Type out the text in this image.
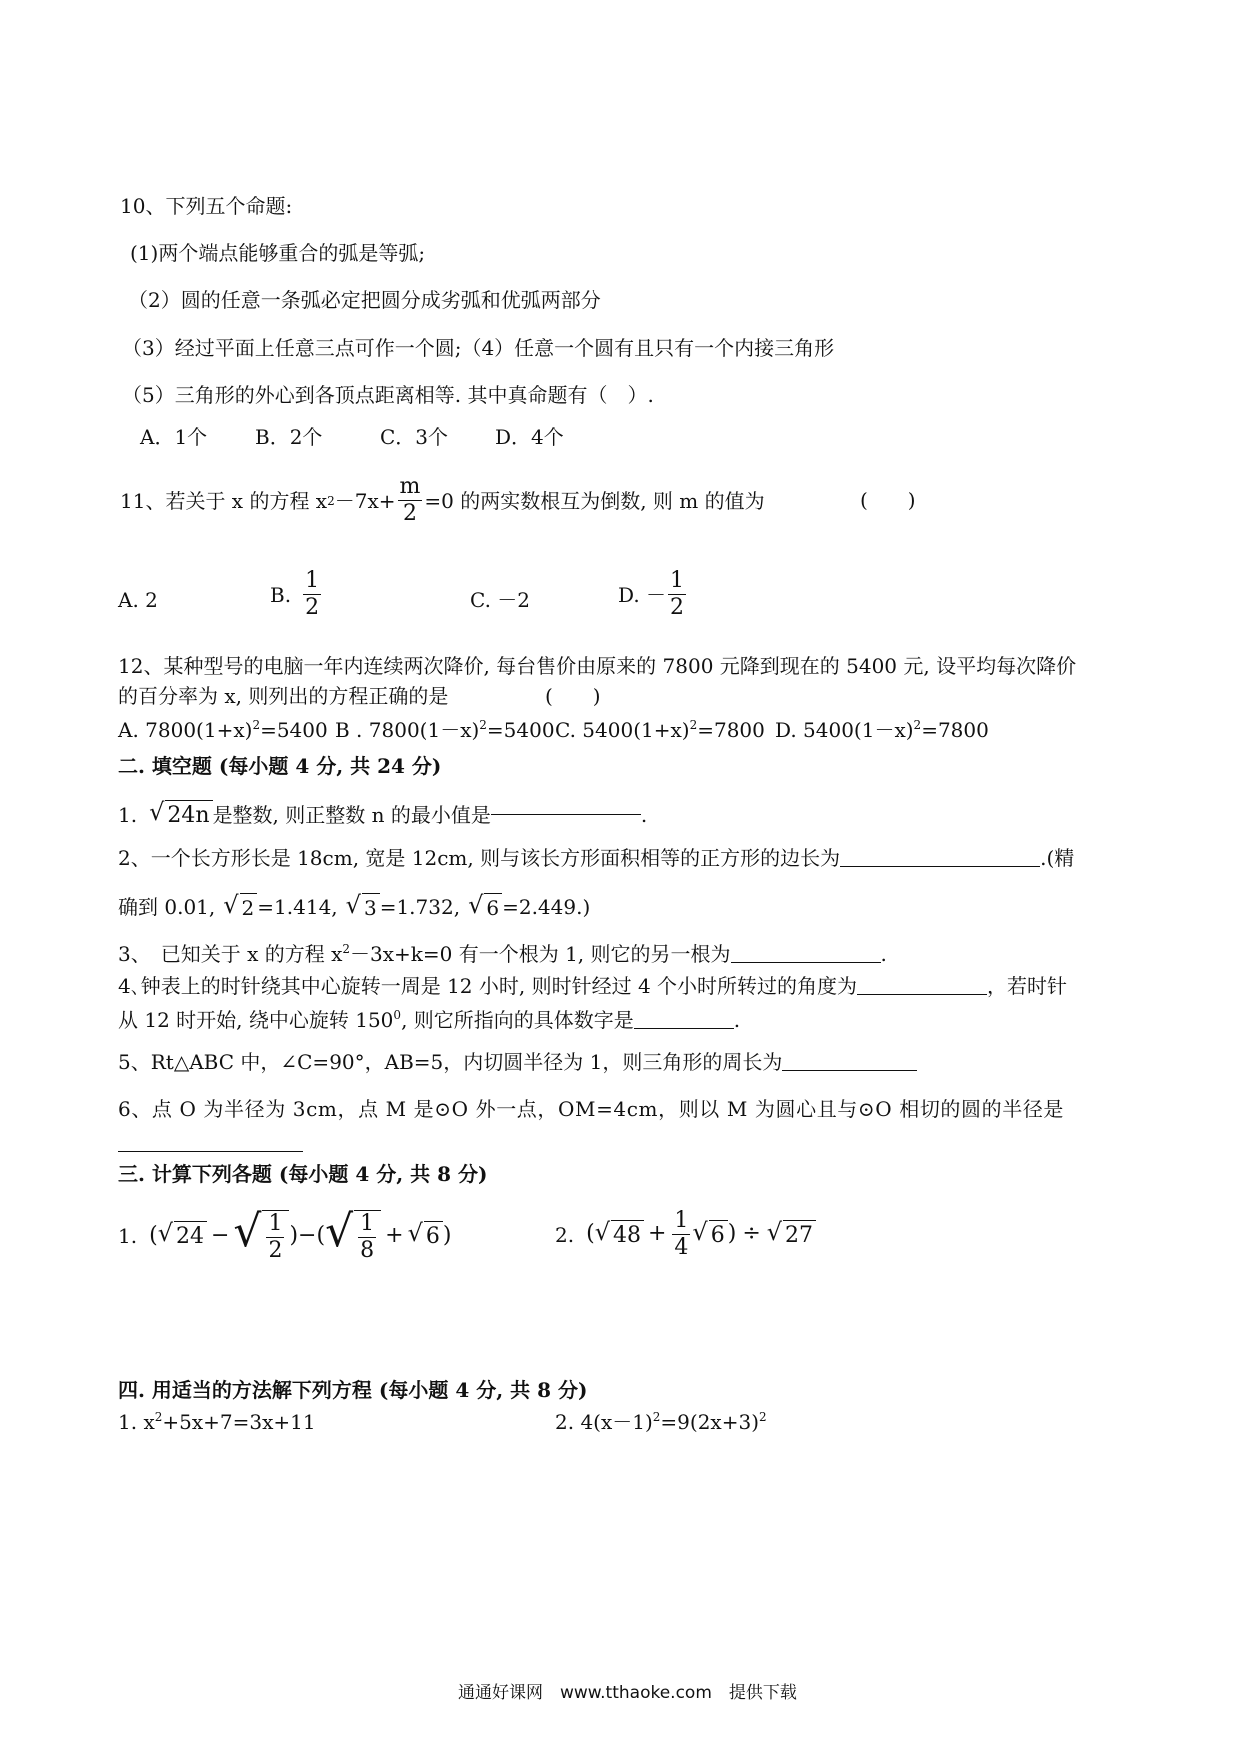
10、下列五个命题:
(1)两个端点能够重合的弧是等弧;
（2）圆的任意一条弧必定把圆分成劣弧和优弧两部分
（3）经过平面上任意三点可作一个圆;（4）任意一个圆有且只有一个内接三角形
（5）三角形的外心到各顶点距离相等. 其中真命题有（　）.
A．1个 B．2个	C．3个 D．4个
11、若关于 x 的方程 x $2 -7x+ \frac{m}{2} =0$ 的两实数根互为倒数, 则 m 的值为	(　　)
A. 2	B. $\frac{1}{2}$	C. －2	D. － $\frac{1}{2}$
12、某种型号的电脑一年内连续两次降价, 每台售价由原来的 7800 元降到现在的 5400 元, 设平均每次降价
的百分率为 x, 则列出的方程正确的是	(　　)
A. $7800(1+x)^2=5400$ B . $7800(1-x)^2=5400$ C. $5400(1+x)^2=7800$ D. $5400(1-x)^2=7800$
二. 填空题 (每小题 4 分, 共 24 分)
1. √ 24n 是整数, 则正整数 n 的最小值是	.
2、一个长方形长是 18cm, 宽是 12cm, 则与该长方形面积相等的正方形的边长为	.(精
确到 0.01, √ 2 =1.414, √ 3 =1.732, √ 6 =2.449.)
3、　已知关于 x 的方程 $x^2-3x+k=0$ 有一个根为 1, 则它的另一根为	.
4､钟表上的时针绕其中心旋转一周是 12 小时, 则时针经过 4 个小时所转过的角度为	，若时针
从 12 时开始, 绕中心旋转 $150^0$, 则它所指向的具体数字是	.
5、Rt△ABC 中，∠C=90°，AB=5，内切圆半径为 1，则三角形的周长为
6、点 O 为半径为 3cm，点 M 是⊙O 外一点，OM=4cm，则以 M 为圆心且与⊙O 相切的圆的半径是
三. 计算下列各题 (每小题 4 分, 共 8 分)
1. ( √ 24 − √ $\frac{1}{2}$ )−( √ $\frac{1}{8}$ + √ 6 )	2. ( √ $48 + \frac{1}{4}$ √ 6 ) ÷ √ 27
四. 用适当的方法解下列方程 (每小题 4 分, 共 8 分)
1. $x^2+5x+7=3x+11$	2. $4(x-1)^2=9(2x+3)^2$
通通好课网　www.tthaoke.com　提供下载
